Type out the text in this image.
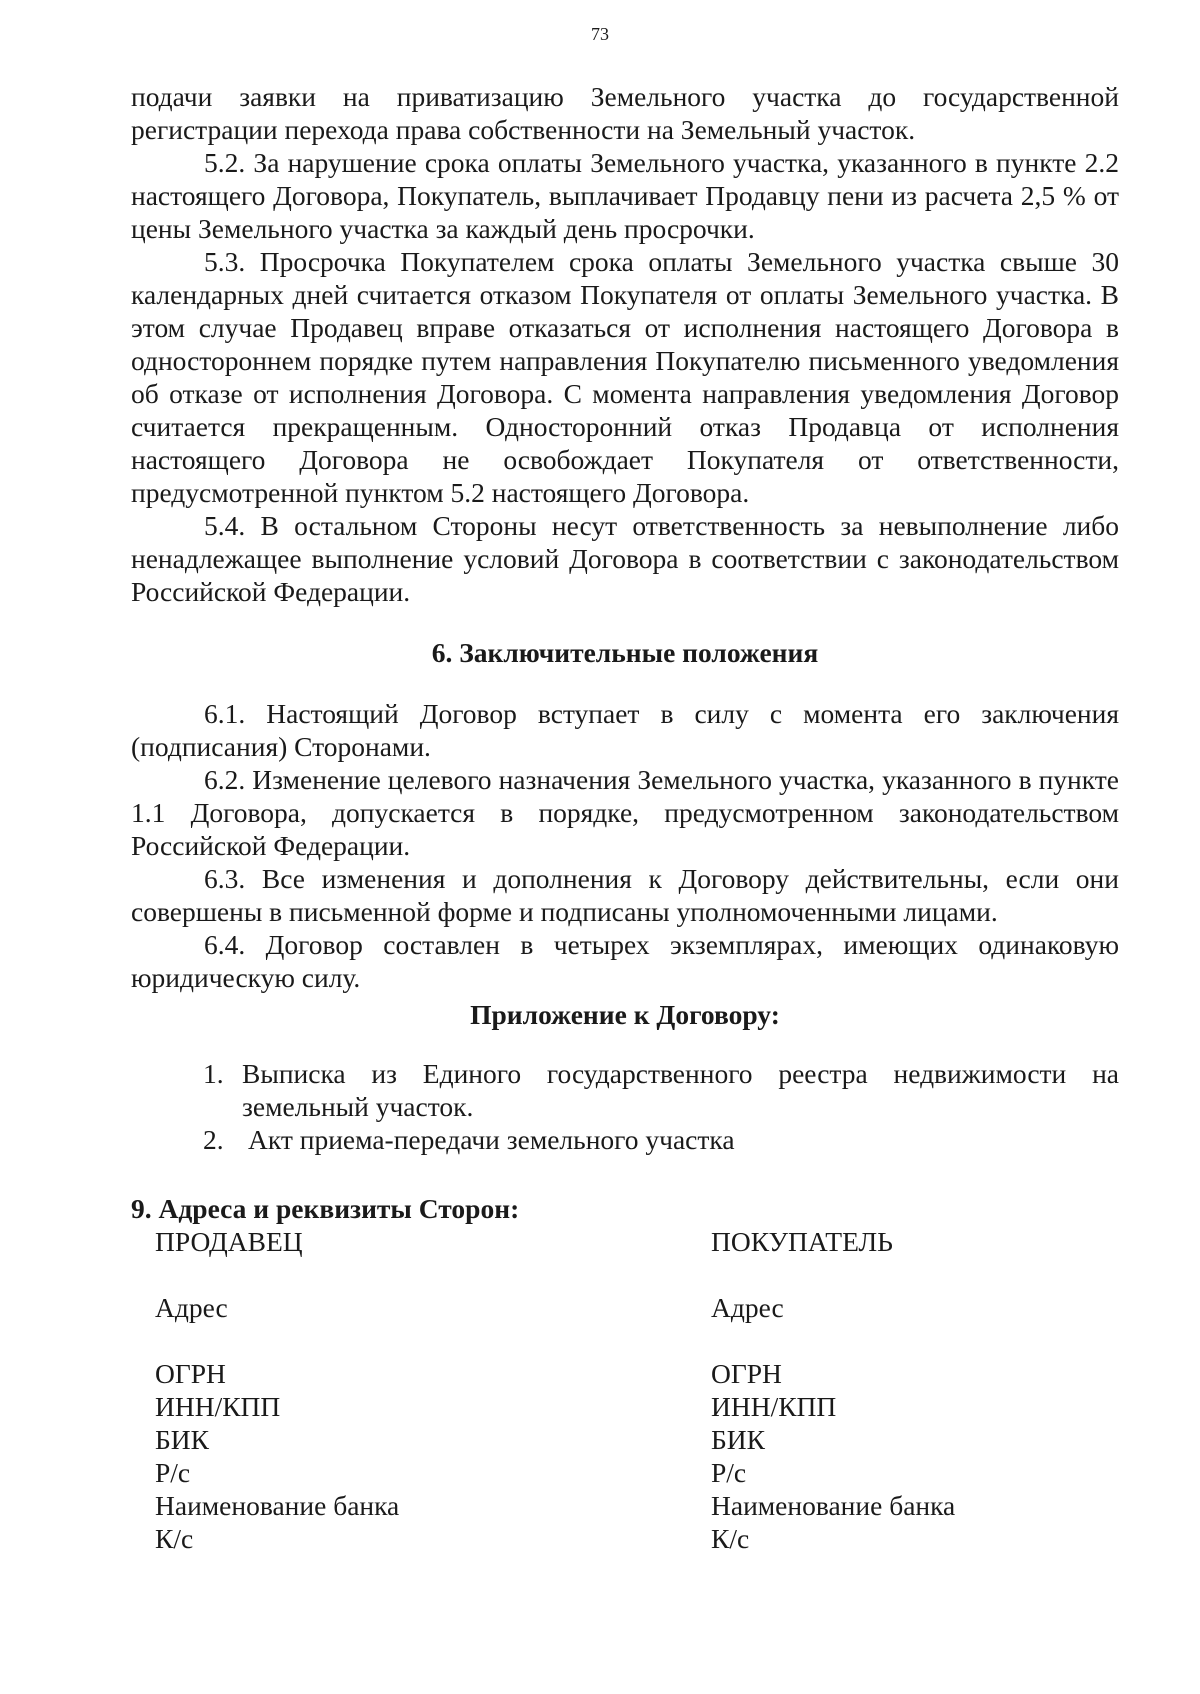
73

подачи заявки на приватизацию Земельного участка до государственной регистрации перехода права собственности на Земельный участок.

5.2. За нарушение срока оплаты Земельного участка, указанного в пункте 2.2 настоящего Договора, Покупатель, выплачивает Продавцу пени из расчета 2,5 % от цены Земельного участка за каждый день просрочки.

5.3. Просрочка Покупателем срока оплаты Земельного участка свыше 30 календарных дней считается отказом Покупателя от оплаты Земельного участка. В этом случае Продавец вправе отказаться от исполнения настоящего Договора в одностороннем порядке путем направления Покупателю письменного уведомления об отказе от исполнения Договора. С момента направления уведомления Договор считается прекращенным. Односторонний отказ Продавца от исполнения настоящего Договора не освобождает Покупателя от ответственности, предусмотренной пунктом 5.2 настоящего Договора.

5.4. В остальном Стороны несут ответственность за невыполнение либо ненадлежащее выполнение условий Договора в соответствии с законодательством Российской Федерации.

6. Заключительные положения

6.1. Настоящий Договор вступает в силу с момента его заключения (подписания) Сторонами.

6.2. Изменение целевого назначения Земельного участка, указанного в пункте 1.1 Договора, допускается в порядке, предусмотренном законодательством Российской Федерации.

6.3. Все изменения и дополнения к Договору действительны, если они совершены в письменной форме и подписаны уполномоченными лицами.

6.4. Договор составлен в четырех экземплярах, имеющих одинаковую юридическую силу.

Приложение к Договору:

1. Выписка из Единого государственного реестра недвижимости на земельный участок.
2. Акт приема-передачи земельного участка

9. Адреса и реквизиты Сторон:

ПРОДАВЕЦ
Адрес
ОГРН
ИНН/КПП
БИК
Р/с
Наименование банка
К/с
ПОКУПАТЕЛЬ
Адрес
ОГРН
ИНН/КПП
БИК
Р/с
Наименование банка
К/с
